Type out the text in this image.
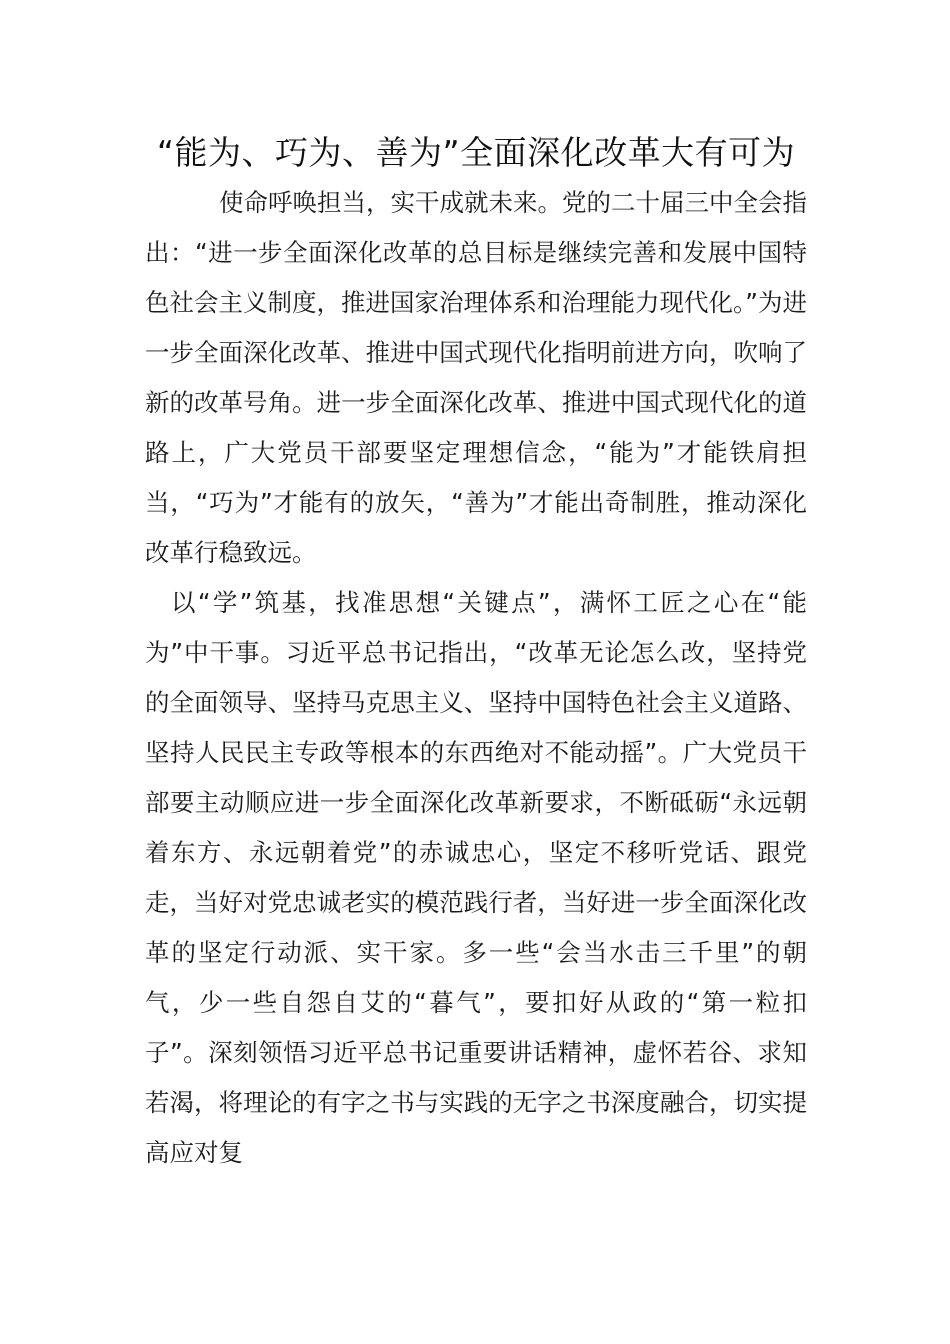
“能为、巧为、善为”全面深化改革大有可为

使命呼唤担当，实干成就未来。党的二十届三中全会指出：“进一步全面深化改革的总目标是继续完善和发展中国特色社会主义制度，推进国家治理体系和治理能力现代化。”为进一步全面深化改革、推进中国式现代化指明前进方向，吹响了新的改革号角。进一步全面深化改革、推进中国式现代化的道路上，广大党员干部要坚定理想信念，“能为”才能铁肩担当，“巧为”才能有的放矢，“善为”才能出奇制胜，推动深化改革行稳致远。

以“学”筑基，找准思想“关键点”，满怀工匠之心在“能为”中干事。习近平总书记指出，“改革无论怎么改，坚持党的全面领导、坚持马克思主义、坚持中国特色社会主义道路、坚持人民民主专政等根本的东西绝对不能动摇”。广大党员干部要主动顺应进一步全面深化改革新要求，不断砥砺“永远朝着东方、永远朝着党”的赤诚忠心，坚定不移听党话、跟党走，当好对党忠诚老实的模范践行者，当好进一步全面深化改革的坚定行动派、实干家。多一些“会当水击三千里”的朝气，少一些自怨自艾的“暮气”，要扣好从政的“第一粒扣子”。深刻领悟习近平总书记重要讲话精神，虚怀若谷、求知若渴，将理论的有字之书与实践的无字之书深度融合，切实提高应对复
